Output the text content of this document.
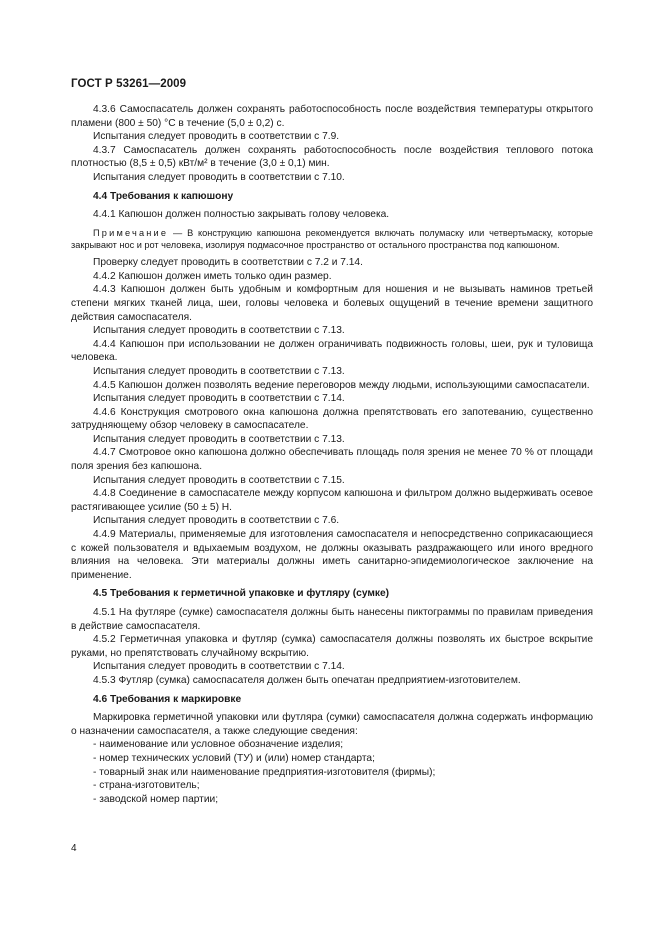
ГОСТ Р 53261—2009

4.3.6 Самоспасатель должен сохранять работоспособность после воздействия температуры открытого пламени (800 ± 50) °С в течение (5,0 ± 0,2) с.

Испытания следует проводить в соответствии с 7.9.

4.3.7 Самоспасатель должен сохранять работоспособность после воздействия теплового потока плотностью (8,5 ± 0,5) кВт/м² в течение (3,0 ± 0,1) мин.

Испытания следует проводить в соответствии с 7.10.

4.4 Требования к капюшону

4.4.1 Капюшон должен полностью закрывать голову человека.

Примечание — В конструкцию капюшона рекомендуется включать полумаску или четвертьмаску, которые закрывают нос и рот человека, изолируя подмасочное пространство от остального пространства под капюшоном.

Проверку следует проводить в соответствии с 7.2 и 7.14.

4.4.2 Капюшон должен иметь только один размер.

4.4.3 Капюшон должен быть удобным и комфортным для ношения и не вызывать наминов третьей степени мягких тканей лица, шеи, головы человека и болевых ощущений в течение времени защитного действия самоспасателя.

Испытания следует проводить в соответствии с 7.13.

4.4.4 Капюшон при использовании не должен ограничивать подвижность головы, шеи, рук и туловища человека.

Испытания следует проводить в соответствии с 7.13.

4.4.5 Капюшон должен позволять ведение переговоров между людьми, использующими самоспасатели.

Испытания следует проводить в соответствии с 7.14.

4.4.6 Конструкция смотрового окна капюшона должна препятствовать его запотеванию, существенно затрудняющему обзор человеку в самоспасателе.

Испытания следует проводить в соответствии с 7.13.

4.4.7 Смотровое окно капюшона должно обеспечивать площадь поля зрения не менее 70 % от площади поля зрения без капюшона.

Испытания следует проводить в соответствии с 7.15.

4.4.8 Соединение в самоспасателе между корпусом капюшона и фильтром должно выдерживать осевое растягивающее усилие (50 ± 5) Н.

Испытания следует проводить в соответствии с 7.6.

4.4.9 Материалы, применяемые для изготовления самоспасателя и непосредственно соприкасающиеся с кожей пользователя и вдыхаемым воздухом, не должны оказывать раздражающего или иного вредного влияния на человека. Эти материалы должны иметь санитарно-эпидемиологическое заключение на применение.

4.5 Требования к герметичной упаковке и футляру (сумке)

4.5.1 На футляре (сумке) самоспасателя должны быть нанесены пиктограммы по правилам приведения в действие самоспасателя.

4.5.2 Герметичная упаковка и футляр (сумка) самоспасателя должны позволять их быстрое вскрытие руками, но препятствовать случайному вскрытию.

Испытания следует проводить в соответствии с 7.14.

4.5.3 Футляр (сумка) самоспасателя должен быть опечатан предприятием-изготовителем.

4.6 Требования к маркировке

Маркировка герметичной упаковки или футляра (сумки) самоспасателя должна содержать информацию о назначении самоспасателя, а также следующие сведения:

- наименование или условное обозначение изделия;

- номер технических условий (ТУ) и (или) номер стандарта;

- товарный знак или наименование предприятия-изготовителя (фирмы);

- страна-изготовитель;

- заводской номер партии;

4
